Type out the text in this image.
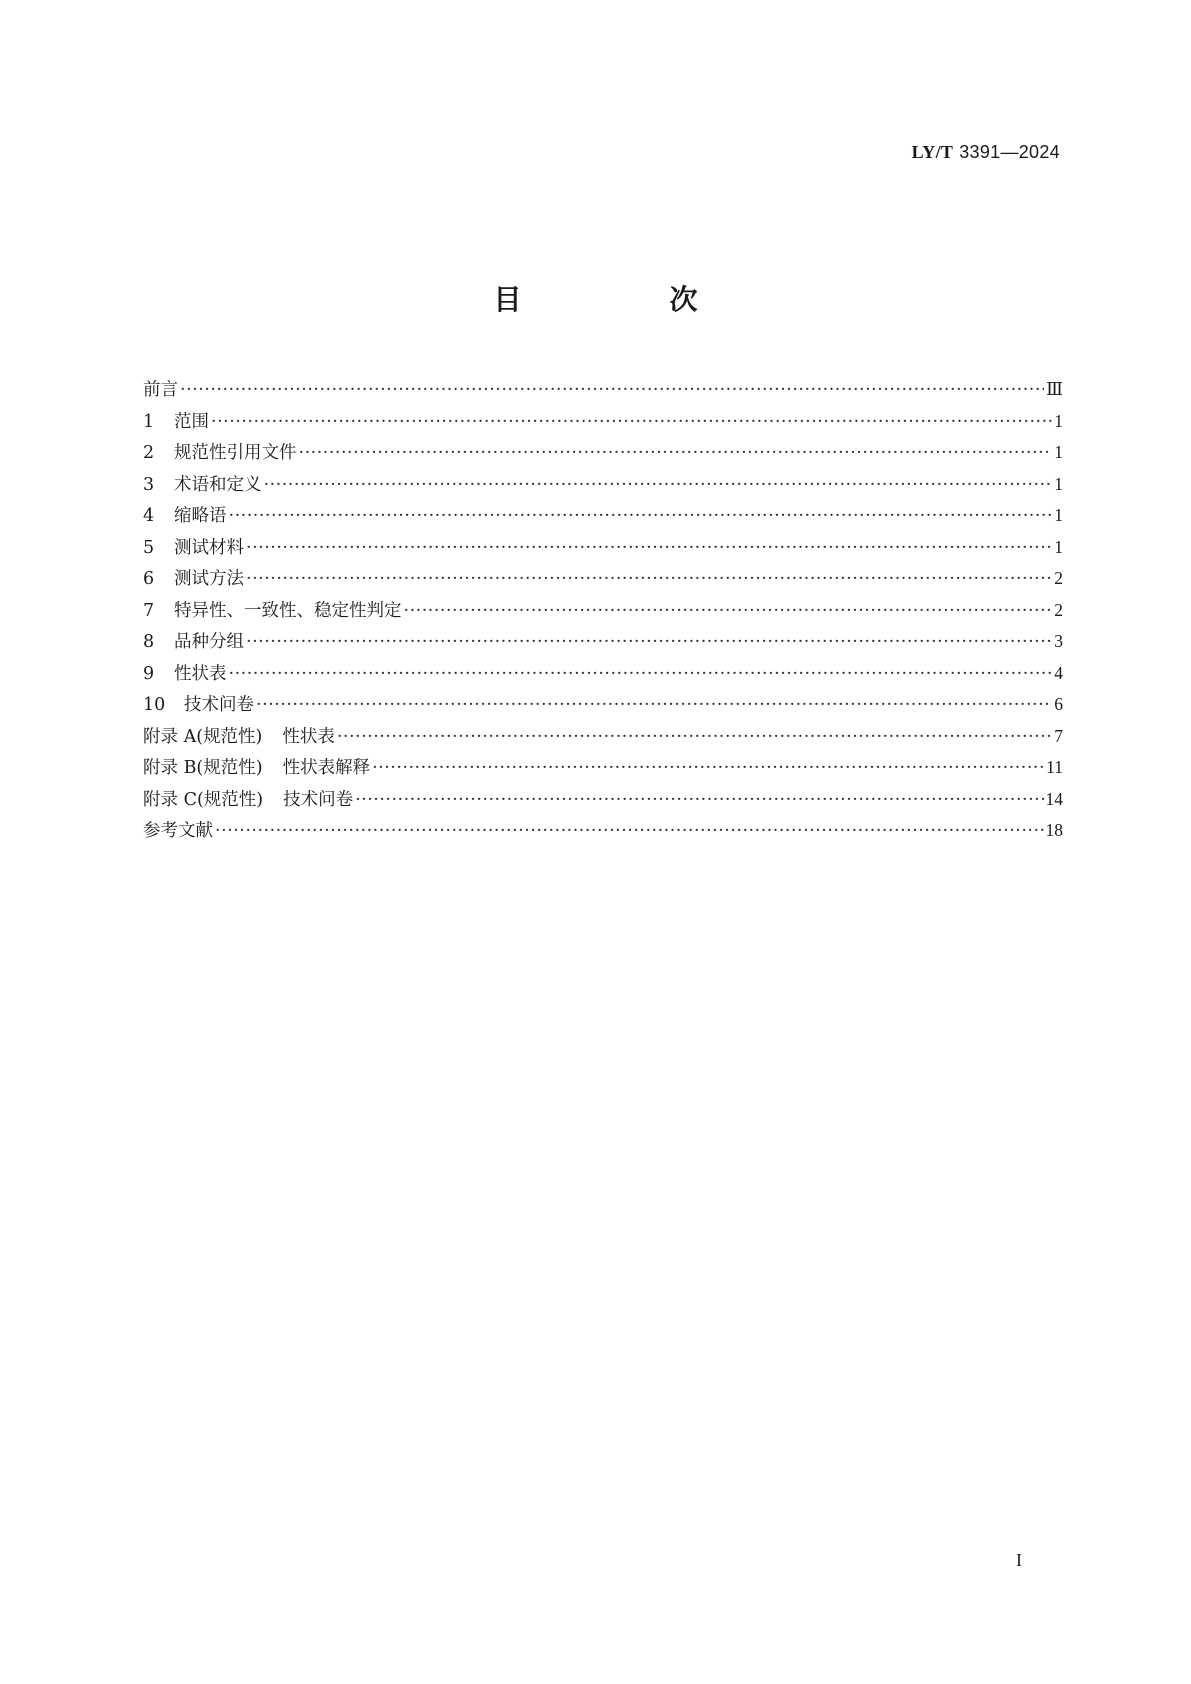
LY/T 3391—2024
目　次
前言 ·····	Ⅲ
1 范围 ·····	1
2 规范性引用文件 ·····	1
3 术语和定义 ·····	1
4 缩略语 ·····	1
5 测试材料 ·····	1
6 测试方法 ·····	2
7 特异性、一致性、稳定性判定 ·····	2
8 品种分组 ·····	3
9 性状表 ·····	4
10 技术问卷 ·····	6
附录 A(规范性) 性状表 ·····	7
附录 B(规范性) 性状表解释 ·····	11
附录 C(规范性) 技术问卷 ·····	14
参考文献 ·····	18
I
